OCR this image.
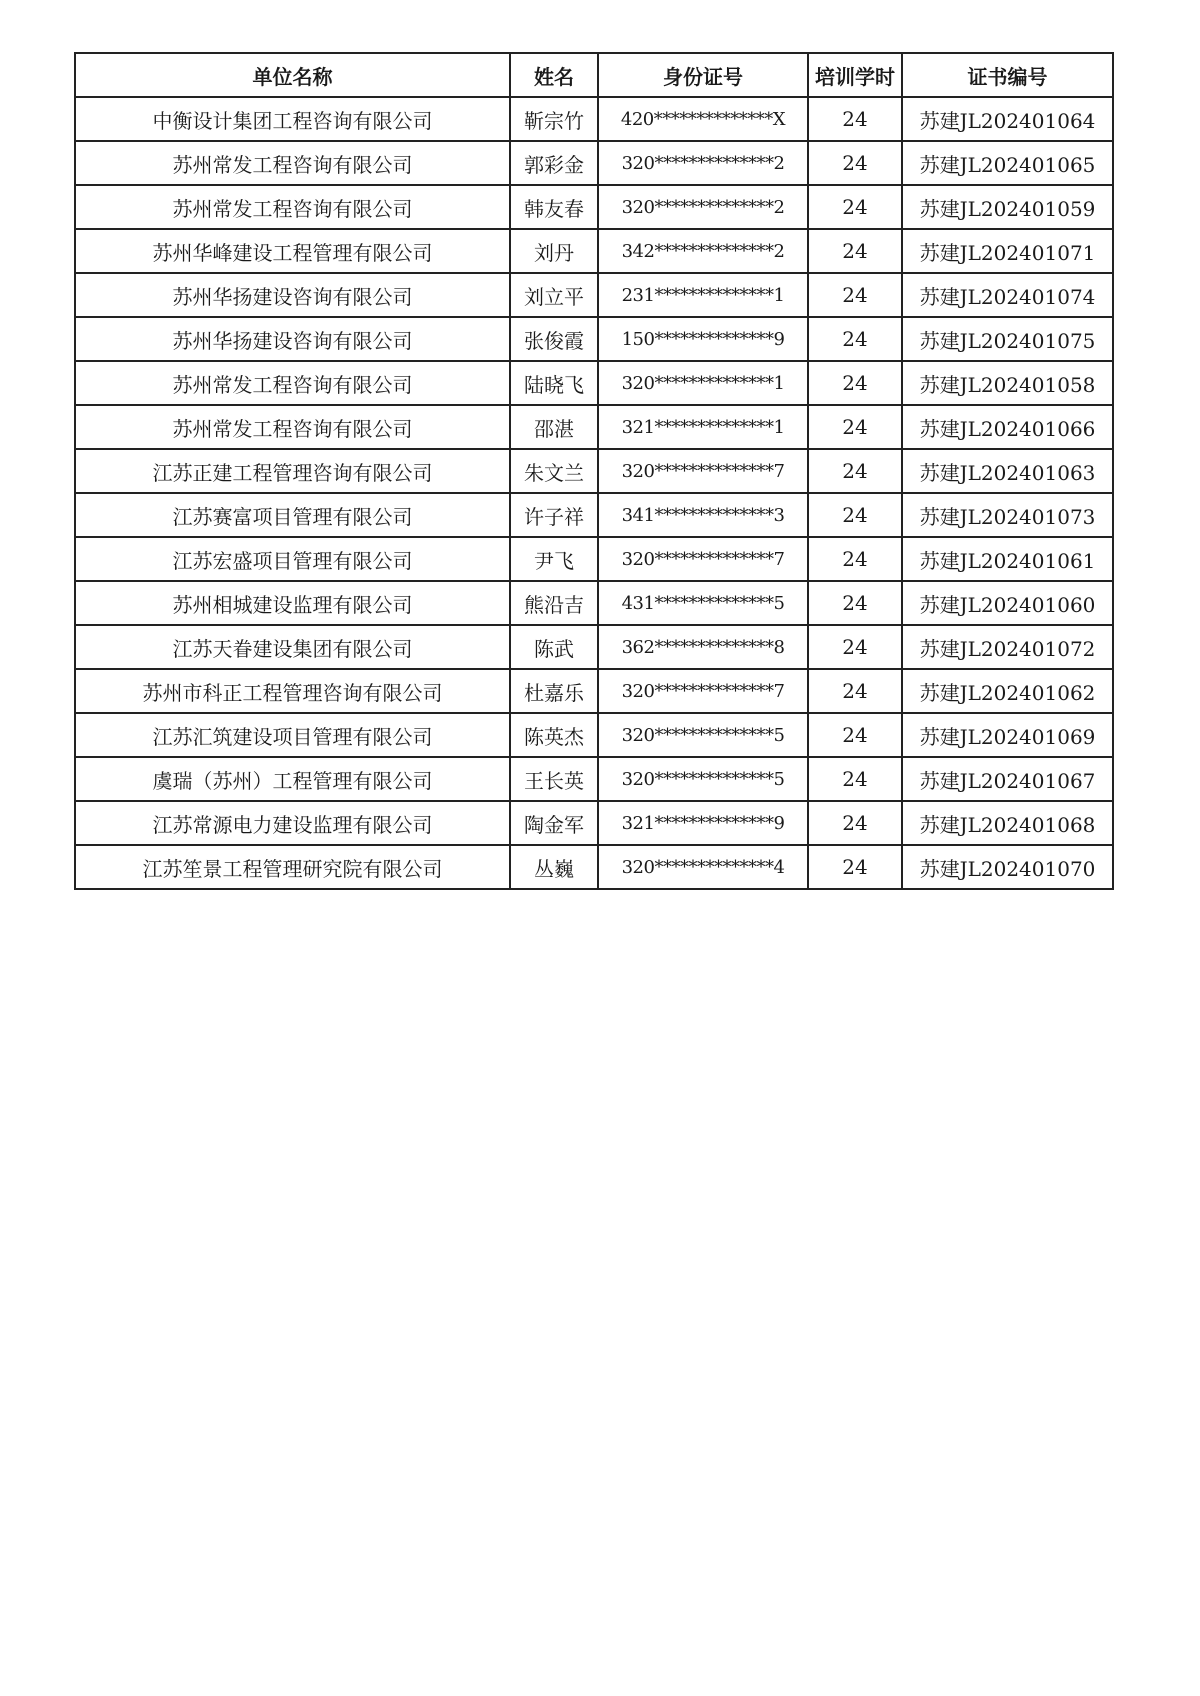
单位名称	姓名	身份证号	培训学时	证书编号
中衡设计集团工程咨询有限公司	靳宗竹	420**************X	24	苏建JL202401064
苏州常发工程咨询有限公司	郭彩金	320**************2	24	苏建JL202401065
苏州常发工程咨询有限公司	韩友春	320**************2	24	苏建JL202401059
苏州华峰建设工程管理有限公司	刘丹	342**************2	24	苏建JL202401071
苏州华扬建设咨询有限公司	刘立平	231**************1	24	苏建JL202401074
苏州华扬建设咨询有限公司	张俊霞	150**************9	24	苏建JL202401075
苏州常发工程咨询有限公司	陆晓飞	320**************1	24	苏建JL202401058
苏州常发工程咨询有限公司	邵湛	321**************1	24	苏建JL202401066
江苏正建工程管理咨询有限公司	朱文兰	320**************7	24	苏建JL202401063
江苏赛富项目管理有限公司	许子祥	341**************3	24	苏建JL202401073
江苏宏盛项目管理有限公司	尹飞	320**************7	24	苏建JL202401061
苏州相城建设监理有限公司	熊沿吉	431**************5	24	苏建JL202401060
江苏天眷建设集团有限公司	陈武	362**************8	24	苏建JL202401072
苏州市科正工程管理咨询有限公司	杜嘉乐	320**************7	24	苏建JL202401062
江苏汇筑建设项目管理有限公司	陈英杰	320**************5	24	苏建JL202401069
虞瑞（苏州）工程管理有限公司	王长英	320**************5	24	苏建JL202401067
江苏常源电力建设监理有限公司	陶金军	321**************9	24	苏建JL202401068
江苏笙景工程管理研究院有限公司	丛巍	320**************4	24	苏建JL202401070
